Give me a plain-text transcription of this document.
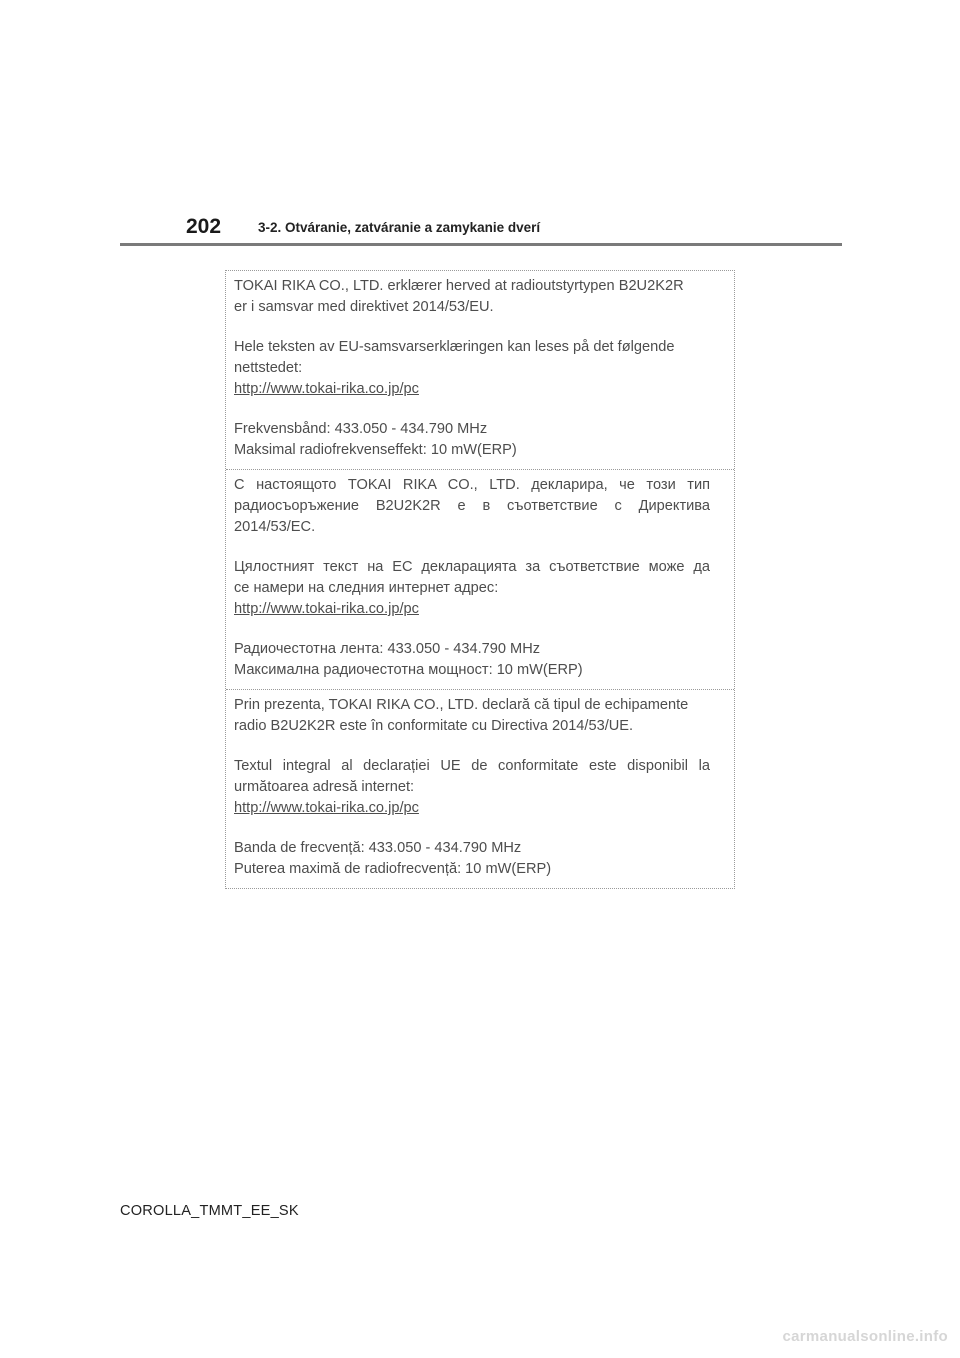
202	3-2. Otváranie, zatváranie a zamykanie dverí

TOKAI RIKA CO., LTD. erklærer herved at radioutstyrtypen B2U2K2R

er i samsvar med direktivet 2014/53/EU.

Hele teksten av EU-samsvarserklæringen kan leses på det følgende

nettstedet:

http://www.tokai-rika.co.jp/pc

Frekvensbånd: 433.050 - 434.790 MHz

Maksimal radiofrekvenseffekt: 10 mW(ERP)

С настоящото TOKAI RIKA CO., LTD. декларира, че този тип

радиосъоръжение B2U2K2R е в съответствие с Директива

2014/53/ЕС.

Цялостният текст на ЕС декларацията за съответствие може да

се намери на следния интернет адрес:

http://www.tokai-rika.co.jp/pc

Радиочестотна лента: 433.050 - 434.790 MHz

Максимална радиочестотна мощност: 10 mW(ERP)

Prin prezenta, TOKAI RIKA CO., LTD. declară că tipul de echipamente

radio B2U2K2R este în conformitate cu Directiva 2014/53/UE.

Textul integral al declarației UE de conformitate este disponibil la

următoarea adresă internet:

http://www.tokai-rika.co.jp/pc

Banda de frecvență: 433.050 - 434.790 MHz

Puterea maximă de radiofrecvență: 10 mW(ERP)

COROLLA_TMMT_EE_SK
carmanualsonline.info
